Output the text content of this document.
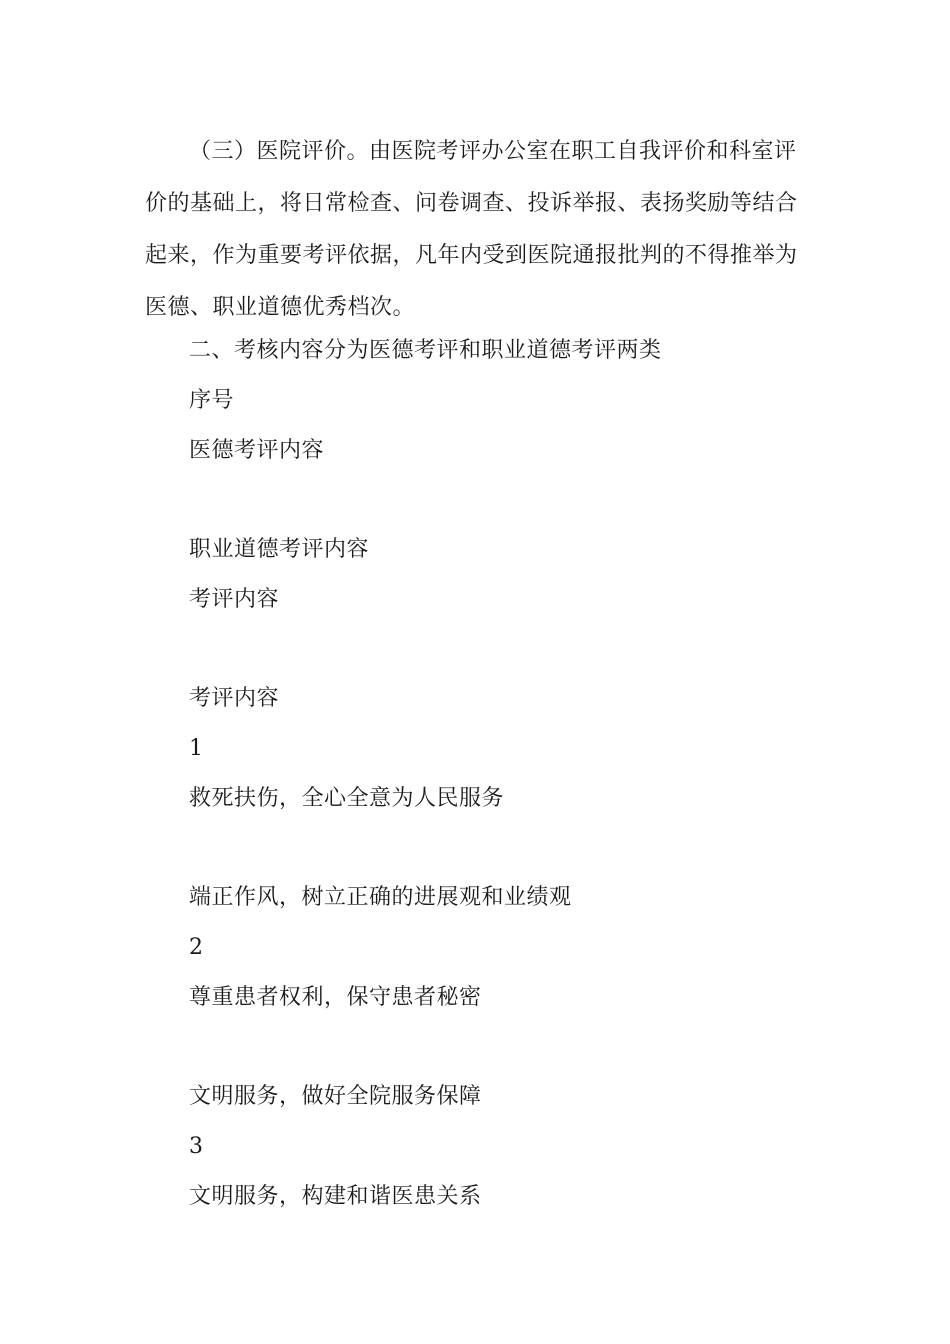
（三）医院评价。由医院考评办公室在职工自我评价和科室评价的基础上，将日常检查、问卷调查、投诉举报、表扬奖励等结合起来，作为重要考评依据，凡年内受到医院通报批判的不得推举为医德、职业道德优秀档次。

二、考核内容分为医德考评和职业道德考评两类

序号

医德考评内容

职业道德考评内容

考评内容

考评内容

1

救死扶伤，全心全意为人民服务

端正作风，树立正确的进展观和业绩观

2

尊重患者权利，保守患者秘密

文明服务，做好全院服务保障

3

文明服务，构建和谐医患关系
